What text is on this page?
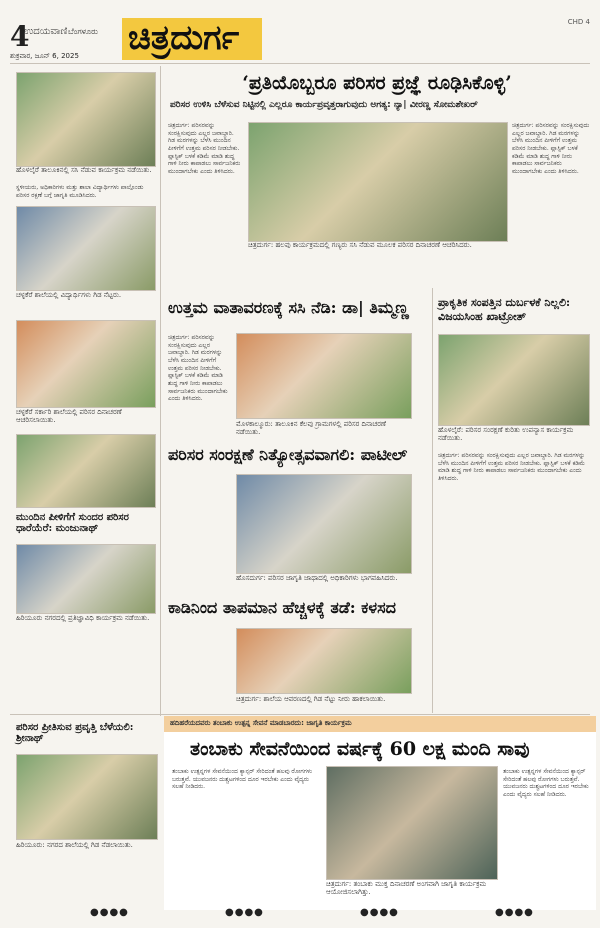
4
ಉದಯವಾಣಿ ಬೆಂಗಳೂರು
ಶುಕ್ರವಾರ, ಜೂನ್ 6, 2025 ಚಿತ್ರದುರ್ಗ	CHD 4
ಹೊಳಲ್ಕೆರೆ ತಾಲೂಕಿನಲ್ಲಿ ಸಸಿ ನೆಡುವ ಕಾರ್ಯಕ್ರಮ ನಡೆಯಿತು.
ಸ್ಥಳೀಯರು, ಅಧಿಕಾರಿಗಳು ಮತ್ತು ಶಾಲಾ ವಿದ್ಯಾರ್ಥಿಗಳು ಪಾಲ್ಗೊಂಡು ಪರಿಸರ ರಕ್ಷಣೆ ಬಗ್ಗೆ ಜಾಗೃತಿ ಮೂಡಿಸಿದರು.
ಚಳ್ಳಕೆರೆ ಶಾಲೆಯಲ್ಲಿ ವಿದ್ಯಾರ್ಥಿಗಳು ಗಿಡ ನೆಟ್ಟರು.
ಚಳ್ಳಕೆರೆ ಸರ್ಕಾರಿ ಶಾಲೆಯಲ್ಲಿ ಪರಿಸರ ದಿನಾಚರಣೆ ಆಚರಿಸಲಾಯಿತು.
ಮುಂದಿನ ಪೀಳಿಗೆಗೆ ಸುಂದರ ಪರಿಸರ ಧಾರೆಯೆರೆ: ಮಂಜುನಾಥ್
ಹಿರಿಯೂರು ನಗರದಲ್ಲಿ ಪ್ರತಿಜ್ಞಾವಿಧಿ ಕಾರ್ಯಕ್ರಮ ನಡೆಯಿತು.
‘ಪ್ರತಿಯೊಬ್ಬರೂ ಪರಿಸರ ಪ್ರಜ್ಞೆ ರೂಢಿಸಿಕೊಳ್ಳಿ’
ಪರಿಸರ ಉಳಿಸಿ ಬೆಳೆಸುವ ನಿಟ್ಟಿನಲ್ಲಿ ಎಲ್ಲರೂ ಕಾರ್ಯಪ್ರವೃತ್ತರಾಗುವುದು ಅಗತ್ಯ: ನ್ಯಾ| ವೀರಣ್ಣ ಸೋಮಶೇಖರ್
ಚಿತ್ರದುರ್ಗ: ಹಲವು ಕಾರ್ಯಕ್ರಮದಲ್ಲಿ ಗಣ್ಯರು ಸಸಿ ನೆಡುವ ಮೂಲಕ ಪರಿಸರ ದಿನಾಚರಣೆ ಆಚರಿಸಿದರು.
ಚಿತ್ರದುರ್ಗ: ಪರಿಸರವನ್ನು ಸಂರಕ್ಷಿಸುವುದು ಎಲ್ಲರ ಜವಾಬ್ದಾರಿ. ಗಿಡ ಮರಗಳನ್ನು ಬೆಳೆಸಿ ಮುಂದಿನ ಪೀಳಿಗೆಗೆ ಉತ್ತಮ ಪರಿಸರ ನೀಡಬೇಕು. ಪ್ಲಾಸ್ಟಿಕ್ ಬಳಕೆ ಕಡಿಮೆ ಮಾಡಿ ಶುದ್ಧ ಗಾಳಿ ನೀರು ಕಾಪಾಡಲು ಸಾರ್ವಜನಿಕರು ಮುಂದಾಗಬೇಕು ಎಂದು ತಿಳಿಸಿದರು.
ಚಿತ್ರದುರ್ಗ: ಪರಿಸರವನ್ನು ಸಂರಕ್ಷಿಸುವುದು ಎಲ್ಲರ ಜವಾಬ್ದಾರಿ. ಗಿಡ ಮರಗಳನ್ನು ಬೆಳೆಸಿ ಮುಂದಿನ ಪೀಳಿಗೆಗೆ ಉತ್ತಮ ಪರಿಸರ ನೀಡಬೇಕು. ಪ್ಲಾಸ್ಟಿಕ್ ಬಳಕೆ ಕಡಿಮೆ ಮಾಡಿ ಶುದ್ಧ ಗಾಳಿ ನೀರು ಕಾಪಾಡಲು ಸಾರ್ವಜನಿಕರು ಮುಂದಾಗಬೇಕು ಎಂದು ತಿಳಿಸಿದರು.
ಉತ್ತಮ ವಾತಾವರಣಕ್ಕೆ ಸಸಿ ನೆಡಿ: ಡಾ| ತಿಮ್ಮಣ್ಣ
ಮೊಳಕಾಲ್ಮೂರು: ತಾಲೂಕಿನ ಕೆಲವು ಗ್ರಾಮಗಳಲ್ಲಿ ಪರಿಸರ ದಿನಾಚರಣೆ ನಡೆಯಿತು.
ಪರಿಸರ ಸಂರಕ್ಷಣೆ ನಿತ್ಯೋತ್ಸವವಾಗಲಿ: ಪಾಟೀಲ್
ಹೊಸದುರ್ಗ: ಪರಿಸರ ಜಾಗೃತಿ ಜಾಥಾದಲ್ಲಿ ಅಧಿಕಾರಿಗಳು ಭಾಗವಹಿಸಿದರು.
ಕಾಡಿನಿಂದ ತಾಪಮಾನ ಹೆಚ್ಚಳಕ್ಕೆ ತಡೆ: ಕಳಸದ
ಚಿತ್ರದುರ್ಗ: ಶಾಲೆಯ ಆವರಣದಲ್ಲಿ ಗಿಡ ನೆಟ್ಟು ನೀರು ಹಾಕಲಾಯಿತು.
ಚಿತ್ರದುರ್ಗ: ಪರಿಸರವನ್ನು ಸಂರಕ್ಷಿಸುವುದು ಎಲ್ಲರ ಜವಾಬ್ದಾರಿ. ಗಿಡ ಮರಗಳನ್ನು ಬೆಳೆಸಿ ಮುಂದಿನ ಪೀಳಿಗೆಗೆ ಉತ್ತಮ ಪರಿಸರ ನೀಡಬೇಕು. ಪ್ಲಾಸ್ಟಿಕ್ ಬಳಕೆ ಕಡಿಮೆ ಮಾಡಿ ಶುದ್ಧ ಗಾಳಿ ನೀರು ಕಾಪಾಡಲು ಸಾರ್ವಜನಿಕರು ಮುಂದಾಗಬೇಕು ಎಂದು ತಿಳಿಸಿದರು.
ಪ್ರಾಕೃತಿಕ ಸಂಪತ್ತಿನ ದುರ್ಬಳಕೆ ನಿಲ್ಲಲಿ: ವಿಜಯಸಿಂಹ ಖಾಟ್ರೋತ್
ಹೊಳಲ್ಕೆರೆ: ಪರಿಸರ ಸಂರಕ್ಷಣೆ ಕುರಿತು ಉಪನ್ಯಾಸ ಕಾರ್ಯಕ್ರಮ ನಡೆಯಿತು.
ಚಿತ್ರದುರ್ಗ: ಪರಿಸರವನ್ನು ಸಂರಕ್ಷಿಸುವುದು ಎಲ್ಲರ ಜವಾಬ್ದಾರಿ. ಗಿಡ ಮರಗಳನ್ನು ಬೆಳೆಸಿ ಮುಂದಿನ ಪೀಳಿಗೆಗೆ ಉತ್ತಮ ಪರಿಸರ ನೀಡಬೇಕು. ಪ್ಲಾಸ್ಟಿಕ್ ಬಳಕೆ ಕಡಿಮೆ ಮಾಡಿ ಶುದ್ಧ ಗಾಳಿ ನೀರು ಕಾಪಾಡಲು ಸಾರ್ವಜನಿಕರು ಮುಂದಾಗಬೇಕು ಎಂದು ತಿಳಿಸಿದರು.
ಪರಿಸರ ಪ್ರೀತಿಸುವ ಪ್ರವೃತ್ತಿ ಬೆಳೆಯಲಿ: ಶ್ರೀನಾಥ್
ಹಿರಿಯೂರು: ನಗರದ ಶಾಲೆಯಲ್ಲಿ ಗಿಡ ನೆಡಲಾಯಿತು.
ಹದಿಹರೆಯದವರು ತಂಬಾಕು ಉತ್ಪನ್ನ ಸೇವನೆ ಮಾಡಬಾರದು: ಜಾಗೃತಿ ಕಾರ್ಯಕ್ರಮ
ತಂಬಾಕು ಸೇವನೆಯಿಂದ ವರ್ಷಕ್ಕೆ 60 ಲಕ್ಷ ಮಂದಿ ಸಾವು
ಚಿತ್ರದುರ್ಗ: ತಂಬಾಕು ಮುಕ್ತ ದಿನಾಚರಣೆ ಅಂಗವಾಗಿ ಜಾಗೃತಿ ಕಾರ್ಯಕ್ರಮ ಆಯೋಜಿಸಲಾಗಿತ್ತು.
ತಂಬಾಕು ಉತ್ಪನ್ನಗಳ ಸೇವನೆಯಿಂದ ಕ್ಯಾನ್ಸರ್ ಸೇರಿದಂತೆ ಹಲವು ರೋಗಗಳು ಬರುತ್ತವೆ. ಯುವಜನರು ದುಶ್ಚಟಗಳಿಂದ ದೂರ ಇರಬೇಕು ಎಂದು ವೈದ್ಯರು ಸಲಹೆ ನೀಡಿದರು.
ತಂಬಾಕು ಉತ್ಪನ್ನಗಳ ಸೇವನೆಯಿಂದ ಕ್ಯಾನ್ಸರ್ ಸೇರಿದಂತೆ ಹಲವು ರೋಗಗಳು ಬರುತ್ತವೆ. ಯುವಜನರು ದುಶ್ಚಟಗಳಿಂದ ದೂರ ಇರಬೇಕು ಎಂದು ವೈದ್ಯರು ಸಲಹೆ ನೀಡಿದರು.
●●●●	●●●●	●●●●	●●●●
